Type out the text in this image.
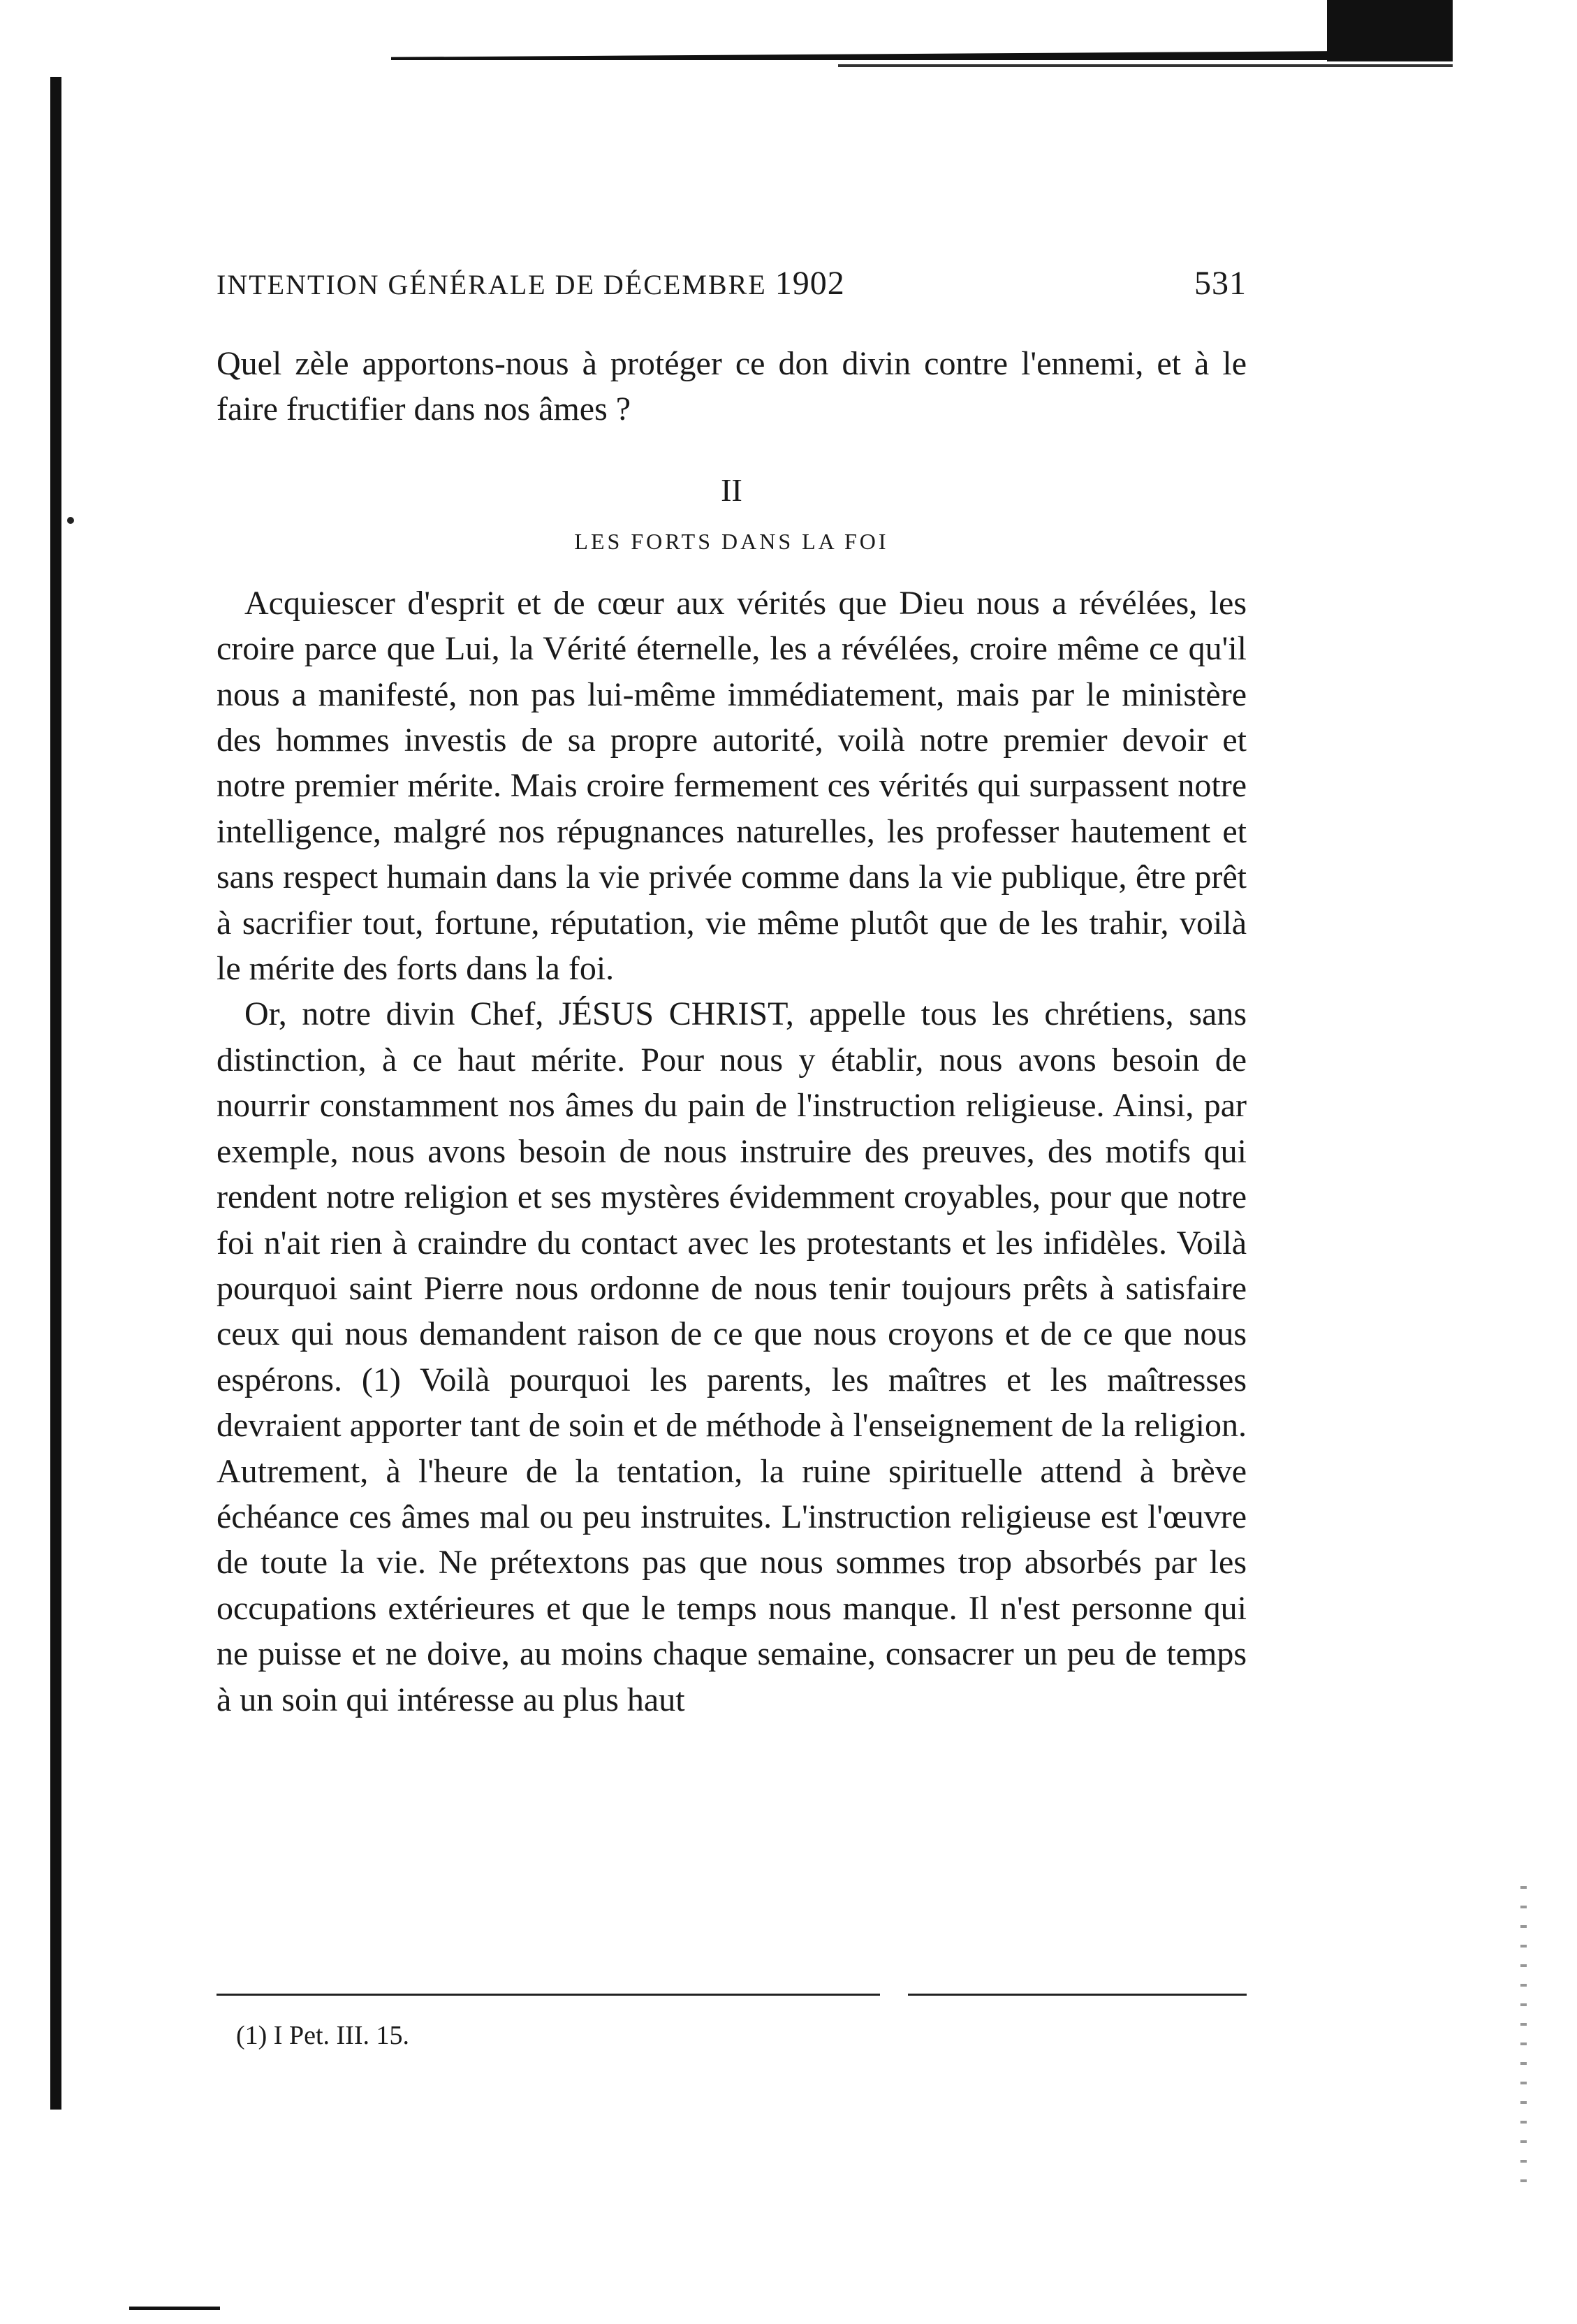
INTENTION GÉNÉRALE DE DÉCEMBRE 1902	531

Quel zèle apportons-nous à protéger ce don divin contre l'ennemi, et à le faire fructifier dans nos âmes ?

II
LES FORTS DANS LA FOI

Acquiescer d'esprit et de cœur aux vérités que Dieu nous a révélées, les croire parce que Lui, la Vérité éternelle, les a révélées, croire même ce qu'il nous a manifesté, non pas lui-même immédiatement, mais par le ministère des hommes investis de sa propre autorité, voilà notre premier devoir et notre premier mérite. Mais croire fermement ces vérités qui surpassent notre intelligence, malgré nos répugnances naturelles, les professer hautement et sans respect humain dans la vie privée comme dans la vie publique, être prêt à sacrifier tout, fortune, réputation, vie même plutôt que de les trahir, voilà le mérite des forts dans la foi.

Or, notre divin Chef, JÉSUS CHRIST, appelle tous les chrétiens, sans distinction, à ce haut mérite. Pour nous y établir, nous avons besoin de nourrir constamment nos âmes du pain de l'instruction religieuse. Ainsi, par exemple, nous avons besoin de nous instruire des preuves, des motifs qui rendent notre religion et ses mystères évidemment croyables, pour que notre foi n'ait rien à craindre du contact avec les protestants et les infidèles. Voilà pourquoi saint Pierre nous ordonne de nous tenir toujours prêts à satisfaire ceux qui nous demandent raison de ce que nous croyons et de ce que nous espérons. (1) Voilà pourquoi les parents, les maîtres et les maîtresses devraient apporter tant de soin et de méthode à l'enseignement de la religion. Autrement, à l'heure de la tentation, la ruine spirituelle attend à brève échéance ces âmes mal ou peu instruites. L'instruction religieuse est l'œuvre de toute la vie. Ne prétextons pas que nous sommes trop absorbés par les occupations extérieures et que le temps nous manque. Il n'est personne qui ne puisse et ne doive, au moins chaque semaine, consacrer un peu de temps à un soin qui intéresse au plus haut

(1) I Pet. III. 15.
